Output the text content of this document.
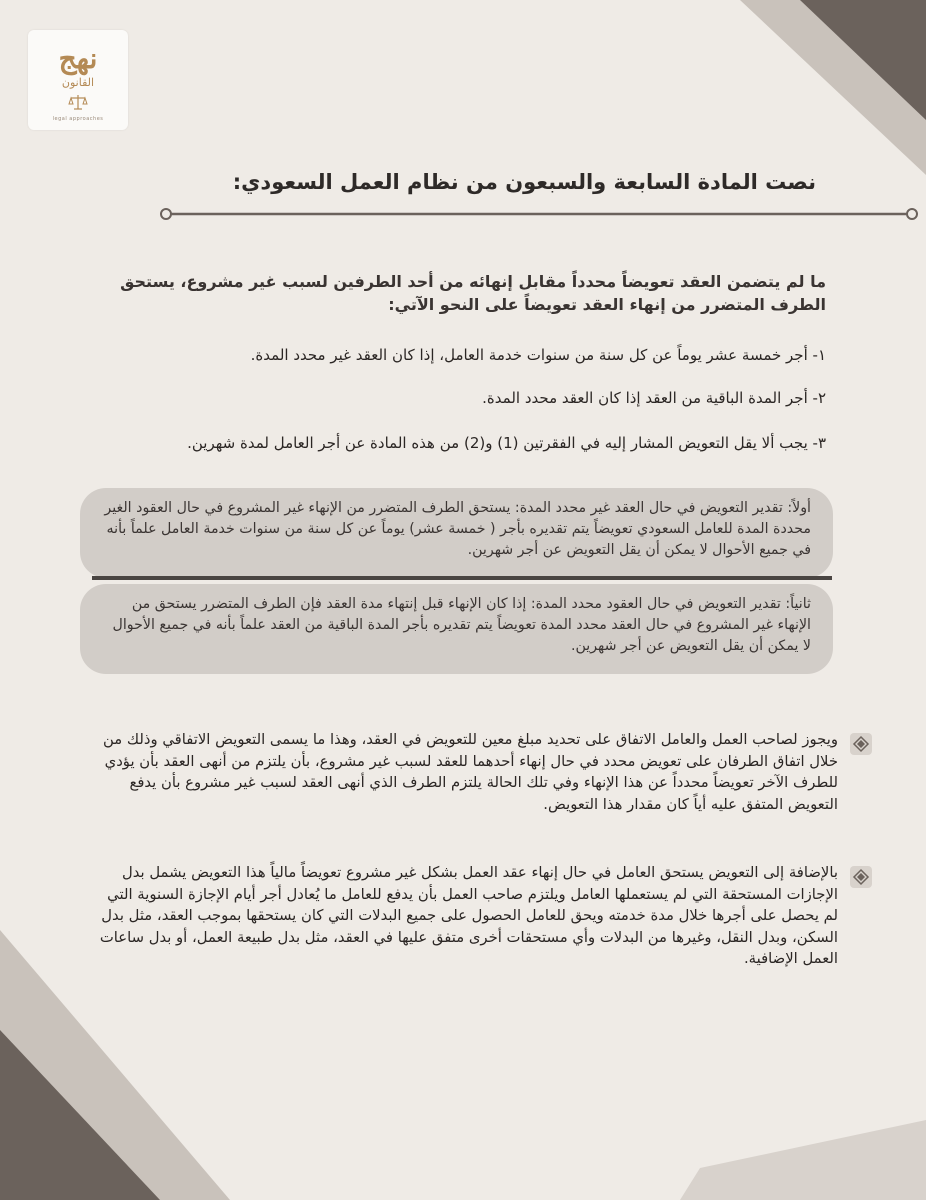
نهج
القانون
legal approaches
نصت المادة السابعة والسبعون من نظام العمل السعودي:
ما لم يتضمن العقد تعويضاً محدداً مقابل إنهائه من أحد الطرفين لسبب غير مشروع، يستحق الطرف المتضرر من إنهاء العقد تعويضاً على النحو الآتي:
١- أجر خمسة عشر يوماً عن كل سنة من سنوات خدمة العامل، إذا كان العقد غير محدد المدة.
٢- أجر المدة الباقية من العقد إذا كان العقد محدد المدة.
٣- يجب ألا يقل التعويض المشار إليه في الفقرتين (1) و(2) من هذه المادة عن أجر العامل لمدة شهرين.
أولاً: تقدير التعويض في حال العقد غير محدد المدة: يستحق الطرف المتضرر من الإنهاء غير المشروع في حال العقود الغير محددة المدة للعامل السعودي تعويضاً يتم تقديره بأجر ( خمسة عشر) يوماً عن كل سنة من سنوات خدمة العامل علماً بأنه في جميع الأحوال لا يمكن أن يقل التعويض عن أجر شهرين.
ثانياً: تقدير التعويض في حال العقود محدد المدة: إذا كان الإنهاء قبل إنتهاء مدة العقد فإن الطرف المتضرر يستحق من الإنهاء غير المشروع في حال العقد محدد المدة تعويضاً يتم تقديره بأجر المدة الباقية من العقد علماً بأنه في جميع الأحوال لا يمكن أن يقل التعويض عن أجر شهرين.
ويجوز لصاحب العمل والعامل الاتفاق على تحديد مبلغ معين للتعويض في العقد، وهذا ما يسمى التعويض الاتفاقي وذلك من خلال اتفاق الطرفان على تعويض محدد في حال إنهاء أحدهما للعقد لسبب غير مشروع، بأن يلتزم من أنهى العقد بأن يؤدي للطرف الآخر تعويضاً محدداً عن هذا الإنهاء وفي تلك الحالة يلتزم الطرف الذي أنهى العقد لسبب غير مشروع بأن يدفع التعويض المتفق عليه أياً كان مقدار هذا التعويض.
بالإضافة إلى التعويض يستحق العامل في حال إنهاء عقد العمل بشكل غير مشروع تعويضاً مالياً هذا التعويض يشمل بدل الإجازات المستحقة التي لم يستعملها العامل ويلتزم صاحب العمل بأن يدفع للعامل ما يُعادل أجر أيام الإجازة السنوية التي لم يحصل على أجرها خلال مدة خدمته ويحق للعامل الحصول على جميع البدلات التي كان يستحقها بموجب العقد، مثل بدل السكن، وبدل النقل، وغيرها من البدلات وأي مستحقات أخرى متفق عليها في العقد، مثل بدل طبيعة العمل، أو بدل ساعات العمل الإضافية.
